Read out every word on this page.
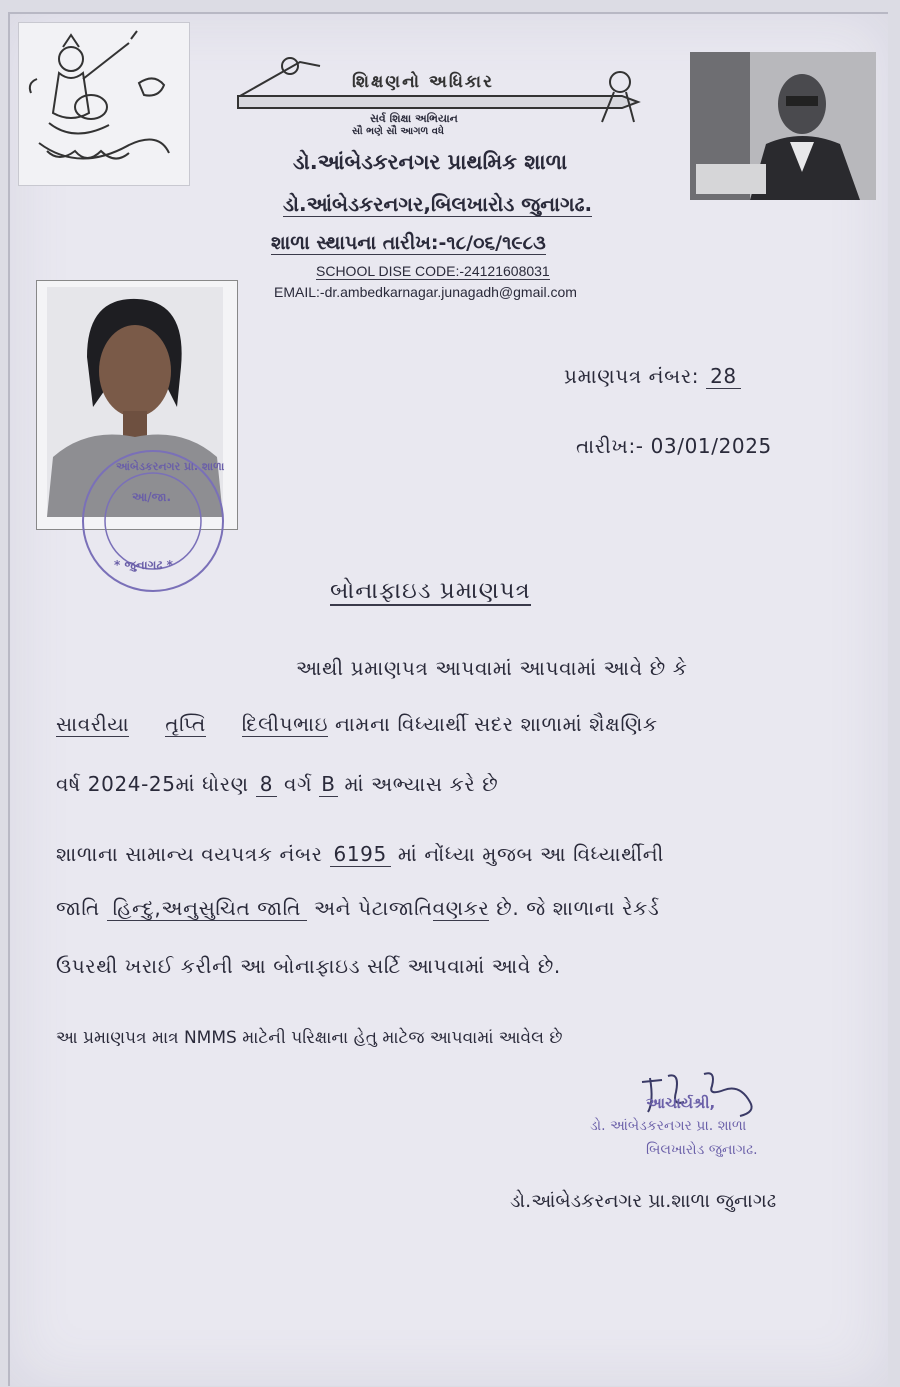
શિક્ષણનો અધિકાર
સર્વ શિક્ષા અભિયાન
સૌ ભણે સૌ આગળ વધે
ડો.આંબેડકરનગર પ્રાથમિક શાળા
ડો.આંબેડકરનગર,બિલખારોડ જુનાગઢ.
શાળા સ્થાપના તારીખ:-૧૮/૦૬/૧૯૮૩
SCHOOL DISE CODE:-24121608031
EMAIL:-dr.ambedkarnagar.junagadh@gmail.com
આંબેડકરનગર પ્રા. શાળા
આ/જા.
* જુનાગઢ *
પ્રમાણપત્ર નંબર: 28
તારીખ:- 03/01/2025
બોનાફાઇડ પ્રમાણપત્ર
આથી પ્રમાણપત્ર આપવામાં આપવામાં આવે છે કે
સાવરીયા તૃપ્તિ દિલીપભાઇ નામના વિધ્યાર્થી સદર શાળામાં શૈક્ષણિક
વર્ષ 2024-25માં ધોરણ 8 વર્ગ B માં અભ્યાસ કરે છે
શાળાના સામાન્ય વયપત્રક નંબર 6195 માં નોંધ્યા મુજબ આ વિધ્યાર્થીની
જાતિ હિન્દુ,અનુસુચિત જાતિ અને પેટાજાતિવણકર છે. જે શાળાના રેકર્ડ
ઉપરથી ખરાઈ કરીની આ બોનાફાઇડ સર્ટિ આપવામાં આવે છે.
આ પ્રમાણપત્ર માત્ર NMMS માટેની પરિક્ષાના હેતુ માટેજ આપવામાં આવેલ છે
આચાર્યશ્રી,
ડો. આંબેડકરનગર પ્રા. શાળા
બિલખારોડ જુનાગઢ.
ડો.આંબેડકરનગર પ્રા.શાળા જુનાગઢ
